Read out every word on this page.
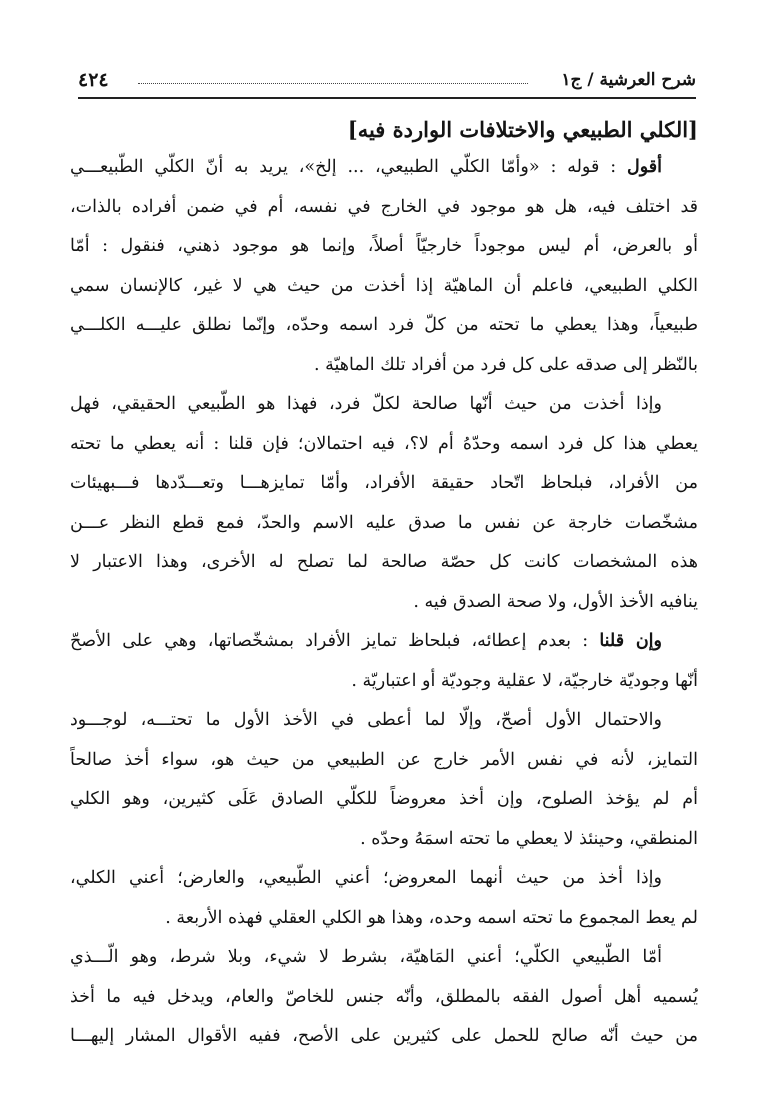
شرح العرشية / ج١
٤٢٤
[الكلي الطبيعي والاختلافات الواردة فيه]
أقول : قوله : «وأمّا الكلّي الطبيعي، ... إلخ»، يريد به أنّ الكلّي الطّبيعـــي
قد اختلف فيه، هل هو موجود في الخارج في نفسه، أم في ضمن أفراده بالذات،
أو بالعرض، أم ليس موجوداً خارجيّاً أصلاً، وإنما هو موجود ذهني، فنقول : أمّا
الكلي الطبيعي، فاعلم أن الماهيّة إذا أخذت من حيث هي لا غير، كالإنسان سمي
طبيعياً، وهذا يعطي ما تحته من كلّ فرد اسمه وحدّه، وإنّما نطلق عليـــه الكلـــي
بالنّظر إلى صدقه على كل فرد من أفراد تلك الماهيّة .
وإذا أخذت من حيث أنّها صالحة لكلّ فرد، فهذا هو الطّبيعي الحقيقي، فهل
يعطي هذا كل فرد اسمه وحدّهُ أم لا؟، فيه احتمالان؛ فإن قلنا : أنه يعطي ما تحته
من الأفراد، فبلحاظ اتّحاد حقيقة الأفراد، وأمّا تمايزهـــا وتعـــدّدها فـــبهيئات
مشخّصات خارجة عن نفس ما صدق عليه الاسم والحدّ، فمع قطع النظر عـــن
هذه المشخصات كانت كل حصّة صالحة لما تصلح له الأخرى، وهذا الاعتبار لا
ينافيه الأخذ الأول، ولا صحة الصدق فيه .
وإن قلنا : بعدم إعطائه، فبلحاظ تمايز الأفراد بمشخّصاتها، وهي على الأصحّ
أنّها وجوديّة خارجيّة، لا عقلية وجوديّة أو اعتباريّة .
والاحتمال الأول أصحّ، وإلّا لما أعطى في الأخذ الأول ما تحتـــه، لوجـــود
التمايز، لأنه في نفس الأمر خارج عن الطبيعي من حيث هو، سواء أخذ صالحاً
أم لم يؤخذ الصلوح، وإن أخذ معروضاً للكلّي الصادق عَلَى كثيرين، وهو الكلي
المنطقي، وحينئذ لا يعطي ما تحته اسمَهُ وحدّه .
وإذا أخذ من حيث أنهما المعروض؛ أعني الطّبيعي، والعارض؛ أعني الكلي،
لم يعط المجموع ما تحته اسمه وحده، وهذا هو الكلي العقلي فهذه الأربعة .
أمّا الطّبيعي الكلّي؛ أعني المَاهيّة، بشرط لا شيء، وبلا شرط، وهو الّـــذي
يُسميه أهل أصول الفقه بالمطلق، وأنّه جنس للخاصّ والعام، ويدخل فيه ما أخذ
من حيث أنّه صالح للحمل على كثيرين على الأصح، ففيه الأقوال المشار إليهـــا
